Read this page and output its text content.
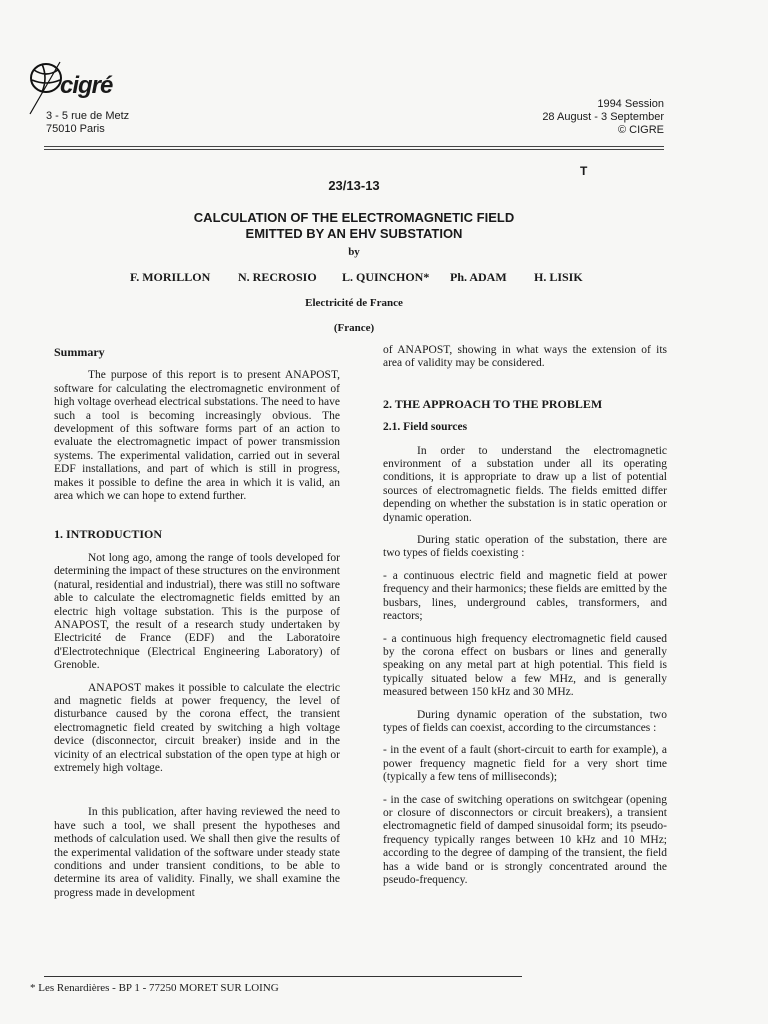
cigré
3 - 5 rue de Metz
75010 Paris
1994 Session
28 August - 3 September
© CIGRE
T
23/13-13
CALCULATION OF THE ELECTROMAGNETIC FIELD
EMITTED BY AN EHV SUBSTATION
by
F. MORILLON	N. RECROSIO	L. QUINCHON*	Ph. ADAM	H. LISIK
Electricité de France
(France)
Summary

The purpose of this report is to present ANAPOST, software for calculating the electromagnetic environment of high voltage overhead electrical substations. The need to have such a tool is becoming increasingly obvious. The development of this software forms part of an action to evaluate the electromagnetic impact of power transmission systems. The experimental validation, carried out in several EDF installations, and part of which is still in progress, makes it possible to define the area in which it is valid, an area which we can hope to extend further.

1. INTRODUCTION

Not long ago, among the range of tools developed for determining the impact of these structures on the environment (natural, residential and industrial), there was still no software able to calculate the electromagnetic fields emitted by an electric high voltage substation. This is the purpose of ANAPOST, the result of a research study undertaken by Electricité de France (EDF) and the Laboratoire d'Electrotechnique (Electrical Engineering Laboratory) of Grenoble.

ANAPOST makes it possible to calculate the electric and magnetic fields at power frequency, the level of disturbance caused by the corona effect, the transient electromagnetic field created by switching a high voltage device (disconnector, circuit breaker) inside and in the vicinity of an electrical substation of the open type at high or extremely high voltage.

In this publication, after having reviewed the need to have such a tool, we shall present the hypotheses and methods of calculation used. We shall then give the results of the experimental validation of the software under steady state conditions and under transient conditions, to be able to determine its area of validity. Finally, we shall examine the progress made in development

of ANAPOST, showing in what ways the extension of its area of validity may be considered.

2. THE APPROACH TO THE PROBLEM
2.1. Field sources

In order to understand the electromagnetic environment of a substation under all its operating conditions, it is appropriate to draw up a list of potential sources of electromagnetic fields. The fields emitted differ depending on whether the substation is in static operation or dynamic operation.

During static operation of the substation, there are two types of fields coexisting :

- a continuous electric field and magnetic field at power frequency and their harmonics; these fields are emitted by the busbars, lines, underground cables, transformers, and reactors;

- a continuous high frequency electromagnetic field caused by the corona effect on busbars or lines and generally speaking on any metal part at high potential. This field is typically situated below a few MHz, and is generally measured between 150 kHz and 30 MHz.

During dynamic operation of the substation, two types of fields can coexist, according to the circumstances :

- in the event of a fault (short-circuit to earth for example), a power frequency magnetic field for a very short time (typically a few tens of milliseconds);

- in the case of switching operations on switchgear (opening or closure of disconnectors or circuit breakers), a transient electromagnetic field of damped sinusoidal form; its pseudo-frequency typically ranges between 10 kHz and 10 MHz; according to the degree of damping of the transient, the field has a wide band or is strongly concentrated around the pseudo-frequency.

* Les Renardières - BP 1 - 77250 MORET SUR LOING
